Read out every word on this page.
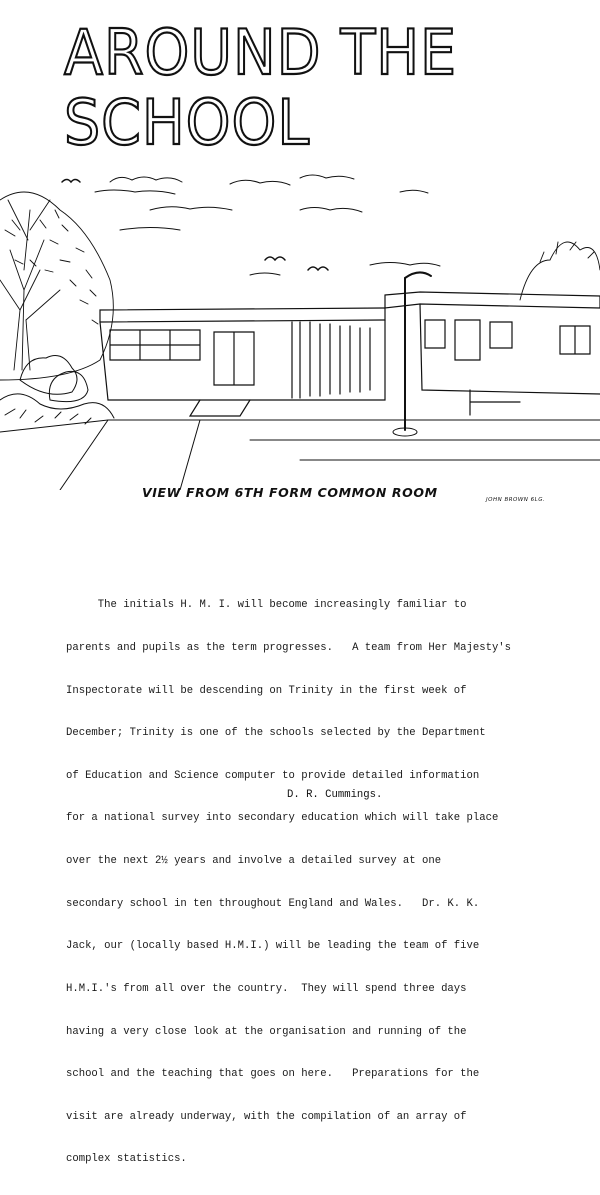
AROUND THE
SCHOOL
VIEW FROM 6TH FORM COMMON ROOM	JOHN BROWN 6LG.

The initials H. M. I. will become increasingly familiar to

parents and pupils as the term progresses.   A team from Her Majesty's

Inspectorate will be descending on Trinity in the first week of

December; Trinity is one of the schools selected by the Department

of Education and Science computer to provide detailed information

for a national survey into secondary education which will take place

over the next 2½ years and involve a detailed survey at one

secondary school in ten throughout England and Wales.   Dr. K. K.

Jack, our (locally based H.M.I.) will be leading the team of five

H.M.I.'s from all over the country.  They will spend three days

having a very close look at the organisation and running of the

school and the teaching that goes on here.   Preparations for the

visit are already underway, with the compilation of an array of

complex statistics.

D. R. Cummings.
